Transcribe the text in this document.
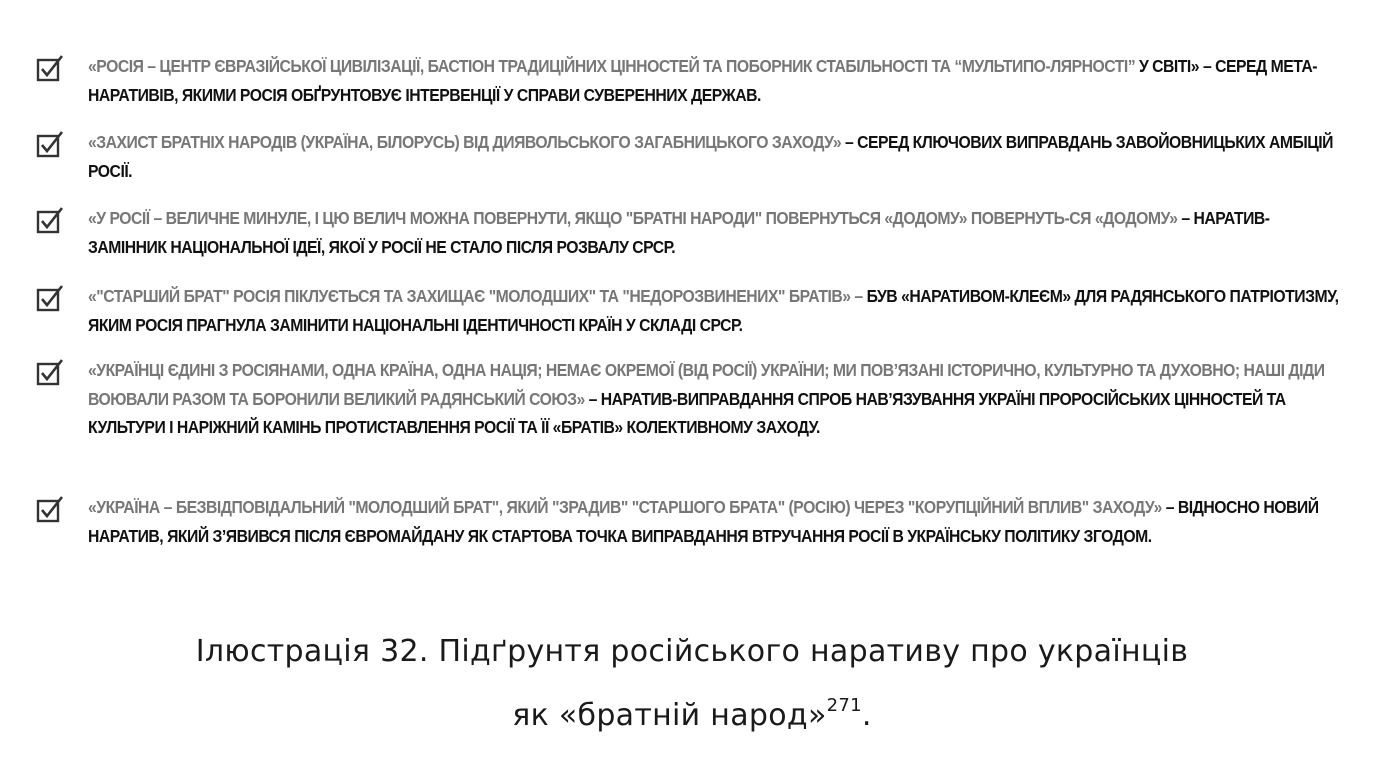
«РОСІЯ – ЦЕНТР ЄВРАЗІЙСЬКОЇ ЦИВІЛІЗАЦІЇ, БАСТІОН ТРАДИЦІЙНИХ ЦІННОСТЕЙ ТА ПОБОРНИК СТАБІЛЬНОСТІ ТА “МУЛЬТИПО-ЛЯРНОСТІ” У СВІТІ» – СЕРЕД МЕТА-НАРАТИВІВ, ЯКИМИ РОСІЯ ОБҐРУНТОВУЄ ІНТЕРВЕНЦІЇ У СПРАВИ СУВЕРЕННИХ ДЕРЖАВ.
«ЗАХИСТ БРАТНІХ НАРОДІВ (УКРАЇНА, БІЛОРУСЬ) ВІД ДИЯВОЛЬСЬКОГО ЗАГАБНИЦЬКОГО ЗАХОДУ» – СЕРЕД КЛЮЧОВИХ ВИПРАВДАНЬ ЗАВОЙОВНИЦЬКИХ АМБІЦІЙ РОСІЇ.
«У РОСІЇ – ВЕЛИЧНЕ МИНУЛЕ, І ЦЮ ВЕЛИЧ МОЖНА ПОВЕРНУТИ, ЯКЩО "БРАТНІ НАРОДИ" ПОВЕРНУТЬСЯ «ДОДОМУ» ПОВЕРНУТЬ-СЯ «ДОДОМУ» – НАРАТИВ-ЗАМІННИК НАЦІОНАЛЬНОЇ ІДЕЇ, ЯКОЇ У РОСІЇ НЕ СТАЛО ПІСЛЯ РОЗВАЛУ СРСР.
«"СТАРШИЙ БРАТ" РОСІЯ ПІКЛУЄТЬСЯ ТА ЗАХИЩАЄ "МОЛОДШИХ" ТА "НЕДОРОЗВИНЕНИХ" БРАТІВ» – БУВ «НАРАТИВОМ-КЛЕЄМ» ДЛЯ РАДЯНСЬКОГО ПАТРІОТИЗМУ, ЯКИМ РОСІЯ ПРАГНУЛА ЗАМІНИТИ НАЦІОНАЛЬНІ ІДЕНТИЧНОСТІ КРАЇН У СКЛАДІ СРСР.
«УКРАЇНЦІ ЄДИНІ З РОСІЯНАМИ, ОДНА КРАЇНА, ОДНА НАЦІЯ; НЕМАЄ ОКРЕМОЇ (ВІД РОСІЇ) УКРАЇНИ; МИ ПОВ’ЯЗАНІ ІСТОРИЧНО, КУЛЬТУРНО ТА ДУХОВНО; НАШІ ДІДИ ВОЮВАЛИ РАЗОМ ТА БОРОНИЛИ ВЕЛИКИЙ РАДЯНСЬКИЙ СОЮЗ» – НАРАТИВ-ВИПРАВДАННЯ СПРОБ НАВ’ЯЗУВАННЯ УКРАЇНІ ПРОРОСІЙСЬКИХ ЦІННОСТЕЙ ТА КУЛЬТУРИ І НАРІЖНИЙ КАМІНЬ ПРОТИСТАВЛЕННЯ РОСІЇ ТА ЇЇ «БРАТІВ» КОЛЕКТИВНОМУ ЗАХОДУ.
«УКРАЇНА – БЕЗВІДПОВІДАЛЬНИЙ "МОЛОДШИЙ БРАТ", ЯКИЙ "ЗРАДИВ" "СТАРШОГО БРАТА" (РОСІЮ) ЧЕРЕЗ "КОРУПЦІЙНИЙ ВПЛИВ" ЗАХОДУ» – ВІДНОСНО НОВИЙ НАРАТИВ, ЯКИЙ З’ЯВИВСЯ ПІСЛЯ ЄВРОМАЙДАНУ ЯК СТАРТОВА ТОЧКА ВИПРАВДАННЯ ВТРУЧАННЯ РОСІЇ В УКРАЇНСЬКУ ПОЛІТИКУ ЗГОДОМ.
Ілюстрація 32. Підґрунтя російського наративу про українців
як «братній народ»$^{271}$.
